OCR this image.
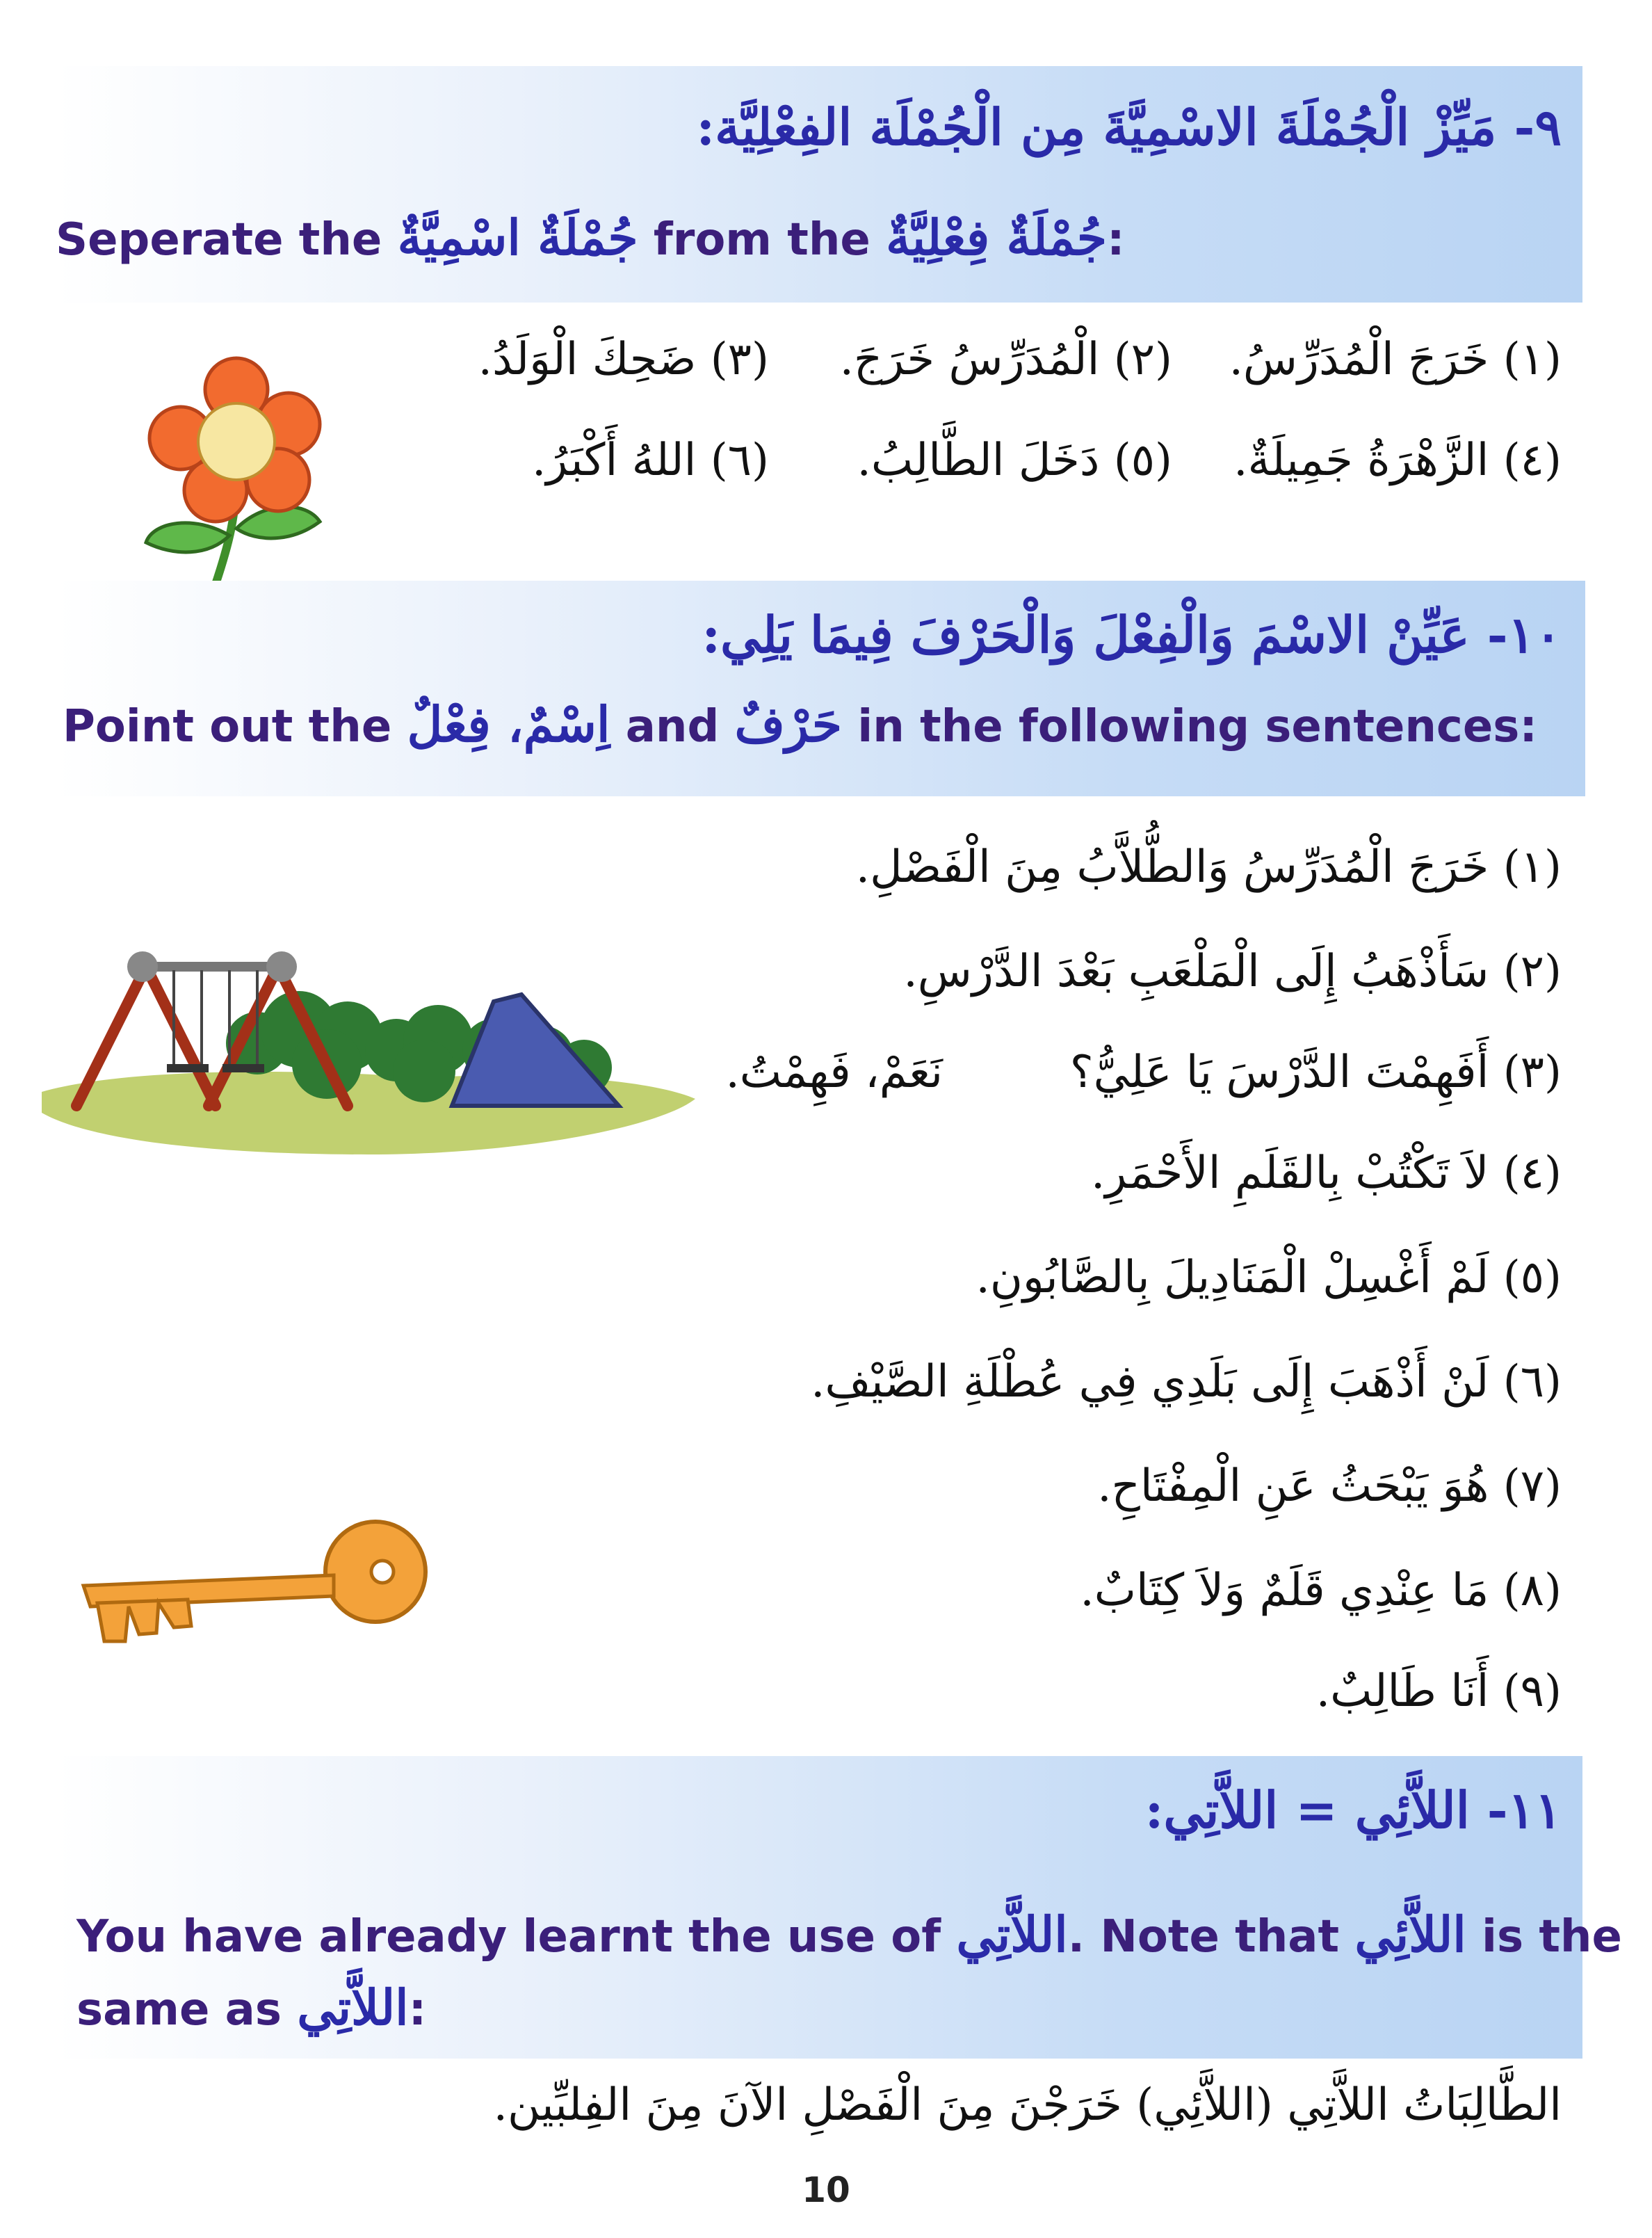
٩- مَيِّزْ الْجُمْلَةَ الاسْمِيَّةَ مِن الْجُمْلَة الفِعْلِيَّة:
Seperate the جُمْلَةٌ اسْمِيَّةٌ from the جُمْلَةٌ فِعْلِيَّةٌ:
(١) خَرَجَ الْمُدَرِّسُ.
(٢) الْمُدَرِّسُ خَرَجَ.
(٣) ضَحِكَ الْوَلَدُ.
(٤) الزَّهْرَةُ جَمِيلَةٌ.
(٥) دَخَلَ الطَّالِبُ.
(٦) اللهُ أَكْبَرُ.
١٠- عَيِّنْ الاسْمَ وَالْفِعْلَ وَالْحَرْفَ فِيمَا يَلِي:
Point out the اِسْمٌ، فِعْلٌ and حَرْفٌ in the following sentences:
(١) خَرَجَ الْمُدَرِّسُ وَالطُّلاَّبُ مِنَ الْفَصْلِ.
(٢) سَأَذْهَبُ إِلَى الْمَلْعَبِ بَعْدَ الدَّرْسِ.
(٣) أَفَهِمْتَ الدَّرْسَ يَا عَلِيُّ؟
نَعَمْ، فَهِمْتُ.
(٤) لاَ تَكْتُبْ بِالقَلَمِ الأَحْمَرِ.
(٥) لَمْ أَغْسِلْ الْمَنَادِيلَ بِالصَّابُونِ.
(٦) لَنْ أَذْهَبَ إِلَى بَلَدِي فِي عُطْلَةِ الصَّيْفِ.
(٧) هُوَ يَبْحَثُ عَنِ الْمِفْتَاحِ.
(٨) مَا عِنْدِي قَلَمٌ وَلاَ كِتَابٌ.
(٩) أَنَا طَالِبٌ.
١١- اللاَّئِي = اللاَّتِي:
You have already learnt the use of اللاَّتِي. Note that اللاَّئِي is the
same as اللاَّتِي:
الطَّالِبَاتُ اللاَّتِي (اللاَّئِي) خَرَجْنَ مِنَ الْفَصْلِ الآنَ مِنَ الفِلبِّين.
10
